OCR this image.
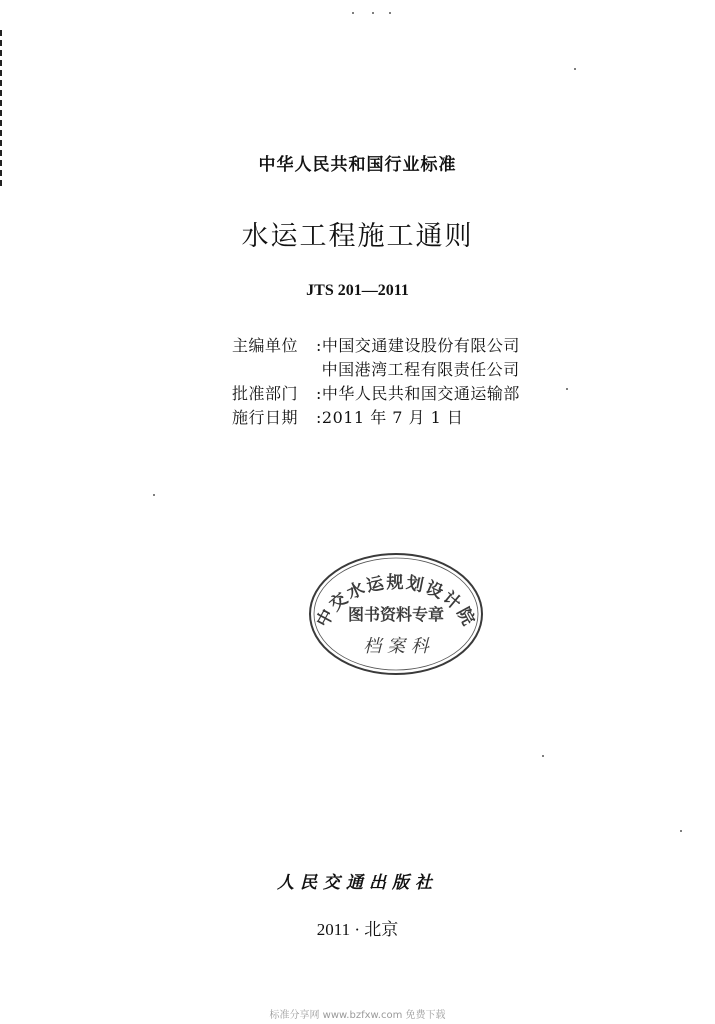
中华人民共和国行业标准
水运工程施工通则
JTS 201—2011
主编单位 :中国交通建设股份有限公司
中国港湾工程有限责任公司
批准部门 :中华人民共和国交通运输部
施行日期 :2011 年 7 月 1 日
中交水运规划设计院
图书资料专章
档 案 科
人民交通出版社
2011 · 北京
标准分享网 www.bzfxw.com 免费下载
